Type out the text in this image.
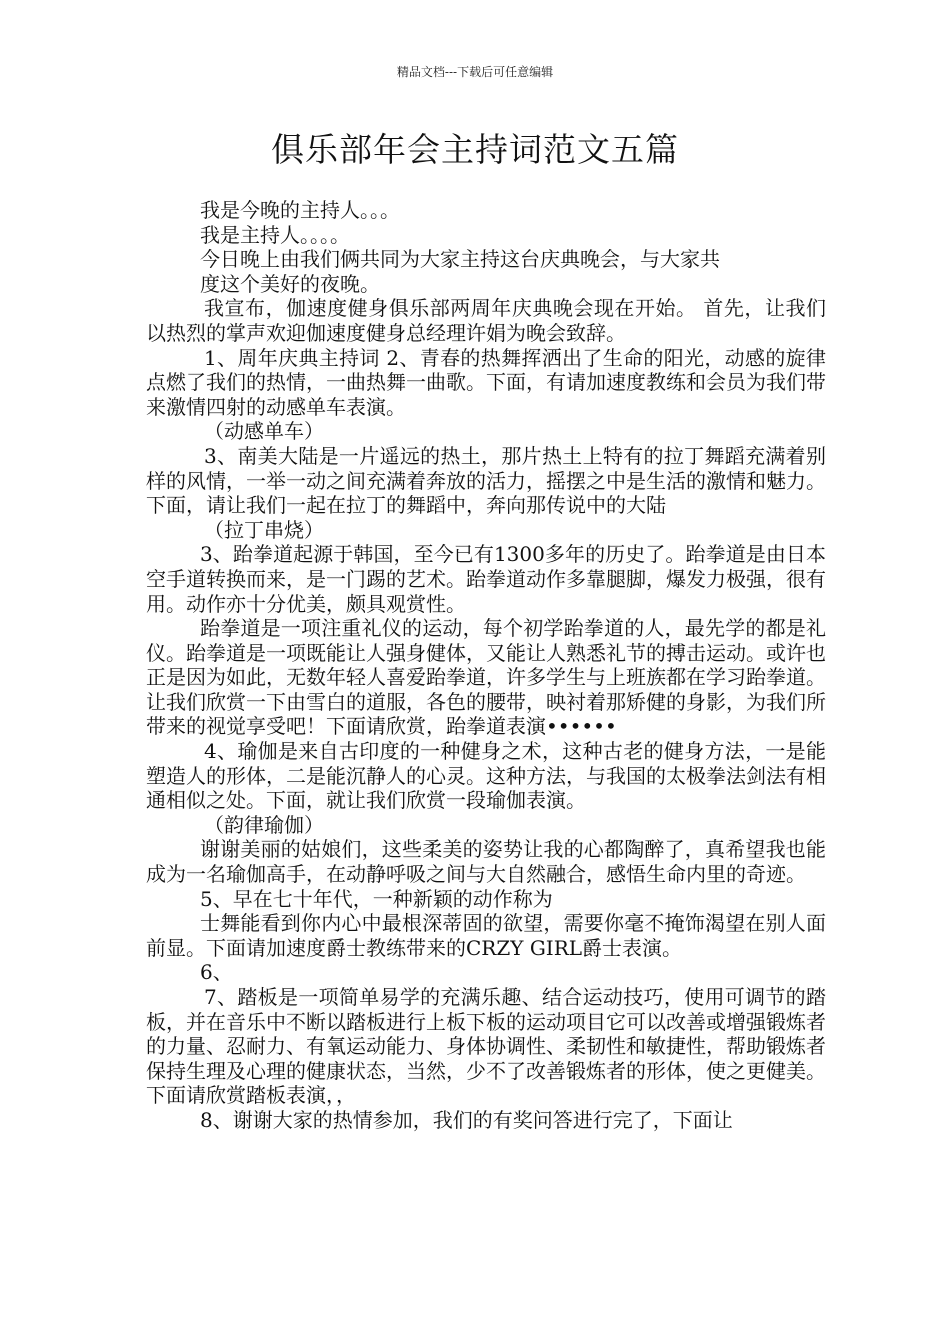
精品文档---下载后可任意编辑
俱乐部年会主持词范文五篇

我是今晚的主持人。。。

我是主持人。。。。

今日晚上由我们俩共同为大家主持这台庆典晚会，与大家共

度这个美好的夜晚。

我宣布，伽速度健身俱乐部两周年庆典晚会现在开始。 首先，让我们以热烈的掌声欢迎伽速度健身总经理许娟为晚会致辞。

1、周年庆典主持词 2、青春的热舞挥洒出了生命的阳光，动感的旋律点燃了我们的热情，一曲热舞一曲歌。下面，有请加速度教练和会员为我们带来激情四射的动感单车表演。

（动感单车）

3、南美大陆是一片遥远的热土，那片热土上特有的拉丁舞蹈充满着别样的风情，一举一动之间充满着奔放的活力，摇摆之中是生活的激情和魅力。下面，请让我们一起在拉丁的舞蹈中，奔向那传说中的大陆

（拉丁串烧）

3、跆拳道起源于韩国，至今已有1300多年的历史了。跆拳道是由日本空手道转换而来，是一门踢的艺术。跆拳道动作多靠腿脚，爆发力极强，很有用。动作亦十分优美，颇具观赏性。

跆拳道是一项注重礼仪的运动，每个初学跆拳道的人，最先学的都是礼仪。跆拳道是一项既能让人强身健体，又能让人熟悉礼节的搏击运动。或许也正是因为如此，无数年轻人喜爱跆拳道，许多学生与上班族都在学习跆拳道。让我们欣赏一下由雪白的道服，各色的腰带，映衬着那矫健的身影，为我们所带来的视觉享受吧！下面请欣赏，跆拳道表演••••••

4、瑜伽是来自古印度的一种健身之术，这种古老的健身方法，一是能塑造人的形体，二是能沉静人的心灵。这种方法，与我国的太极拳法剑法有相通相似之处。下面，就让我们欣赏一段瑜伽表演。

（韵律瑜伽）

谢谢美丽的姑娘们，这些柔美的姿势让我的心都陶醉了，真希望我也能成为一名瑜伽高手，在动静呼吸之间与大自然融合，感悟生命内里的奇迹。

5、早在七十年代，一种新颖的动作称为

士舞能看到你内心中最根深蒂固的欲望，需要你毫不掩饰渴望在别人面前显。下面请加速度爵士教练带来的CRZY GIRL爵士表演。

6、

7、踏板是一项简单易学的充满乐趣、结合运动技巧，使用可调节的踏板，并在音乐中不断以踏板进行上板下板的运动项目它可以改善或增强锻炼者的力量、忍耐力、有氧运动能力、身体协调性、柔韧性和敏捷性，帮助锻炼者保持生理及心理的健康状态，当然，少不了改善锻炼者的形体，使之更健美。下面请欣赏踏板表演，，

8、谢谢大家的热情参加，我们的有奖问答进行完了，下面让
